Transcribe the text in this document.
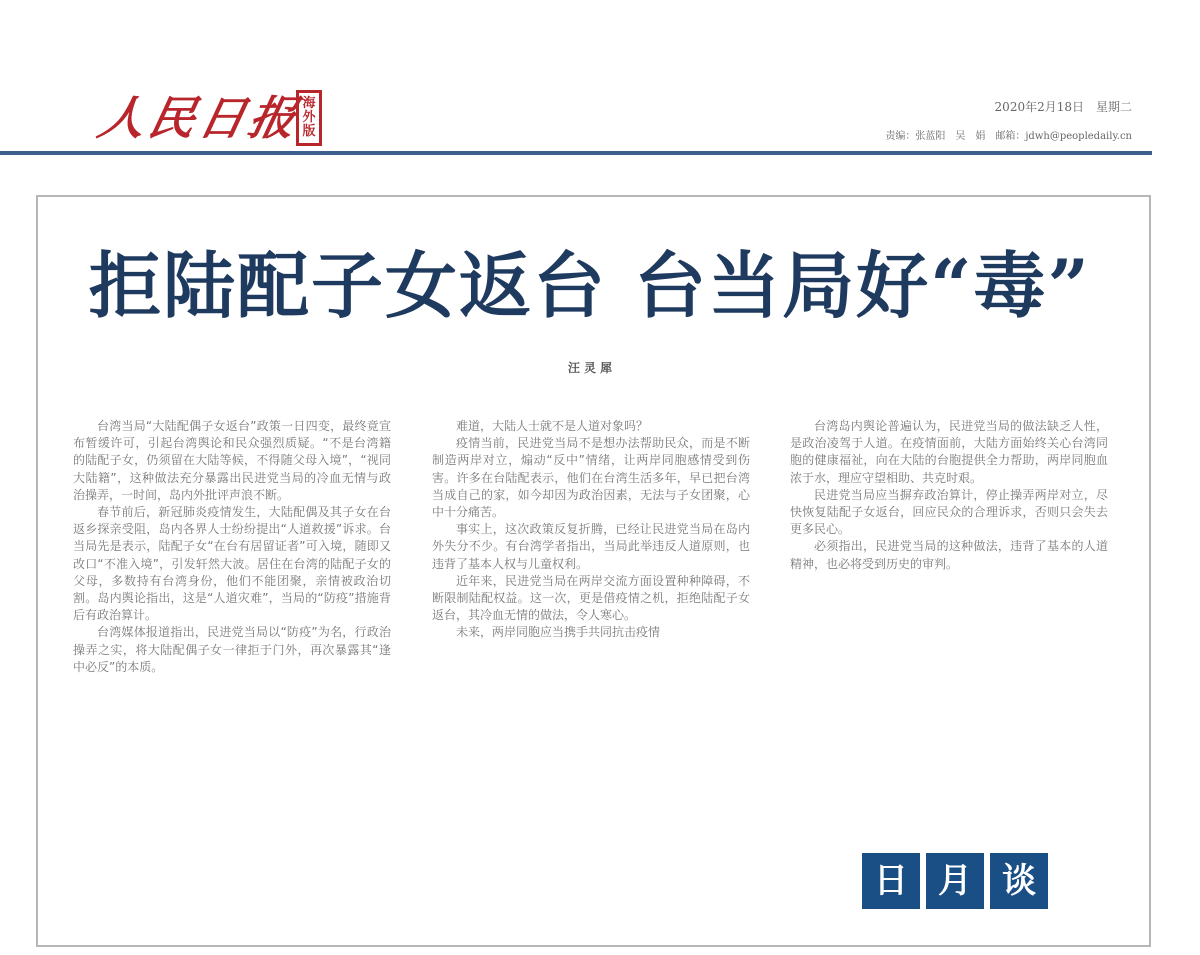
人民日报
海外版
2020年2月18日　星期二
责编：张蓝阳　吴　娟　邮箱：jdwh@peopledaily.cn
拒陆配子女返台 台当局好“毒”
汪 灵 犀

台湾当局“大陆配偶子女返台”政策一日四变，最终竟宣布暂缓许可，引起台湾舆论和民众强烈质疑。“不是台湾籍的陆配子女，仍须留在大陆等候，不得随父母入境”，“视同大陆籍”，这种做法充分暴露出民进党当局的冷血无情与政治操弄，一时间，岛内外批评声浪不断。

春节前后，新冠肺炎疫情发生，大陆配偶及其子女在台返乡探亲受阻，岛内各界人士纷纷提出“人道救援”诉求。台当局先是表示，陆配子女“在台有居留证者”可入境，随即又改口“不准入境”，引发轩然大波。居住在台湾的陆配子女的父母，多数持有台湾身份，他们不能团聚，亲情被政治切割。岛内舆论指出，这是“人道灾难”，当局的“防疫”措施背后有政治算计。

台湾媒体报道指出，民进党当局以“防疫”为名，行政治操弄之实，将大陆配偶子女一律拒于门外，再次暴露其“逢中必反”的本质。

难道，大陆人士就不是人道对象吗？

疫情当前，民进党当局不是想办法帮助民众，而是不断制造两岸对立，煽动“反中”情绪，让两岸同胞感情受到伤害。许多在台陆配表示，他们在台湾生活多年，早已把台湾当成自己的家，如今却因为政治因素，无法与子女团聚，心中十分痛苦。

事实上，这次政策反复折腾，已经让民进党当局在岛内外失分不少。有台湾学者指出，当局此举违反人道原则，也违背了基本人权与儿童权利。

近年来，民进党当局在两岸交流方面设置种种障碍，不断限制陆配权益。这一次，更是借疫情之机，拒绝陆配子女返台，其冷血无情的做法，令人寒心。

未来，两岸同胞应当携手共同抗击疫情

台湾岛内舆论普遍认为，民进党当局的做法缺乏人性，是政治凌驾于人道。在疫情面前，大陆方面始终关心台湾同胞的健康福祉，向在大陆的台胞提供全力帮助，两岸同胞血浓于水，理应守望相助、共克时艰。

民进党当局应当摒弃政治算计，停止操弄两岸对立，尽快恢复陆配子女返台，回应民众的合理诉求，否则只会失去更多民心。

必须指出，民进党当局的这种做法，违背了基本的人道精神，也必将受到历史的审判。

日 月 谈
